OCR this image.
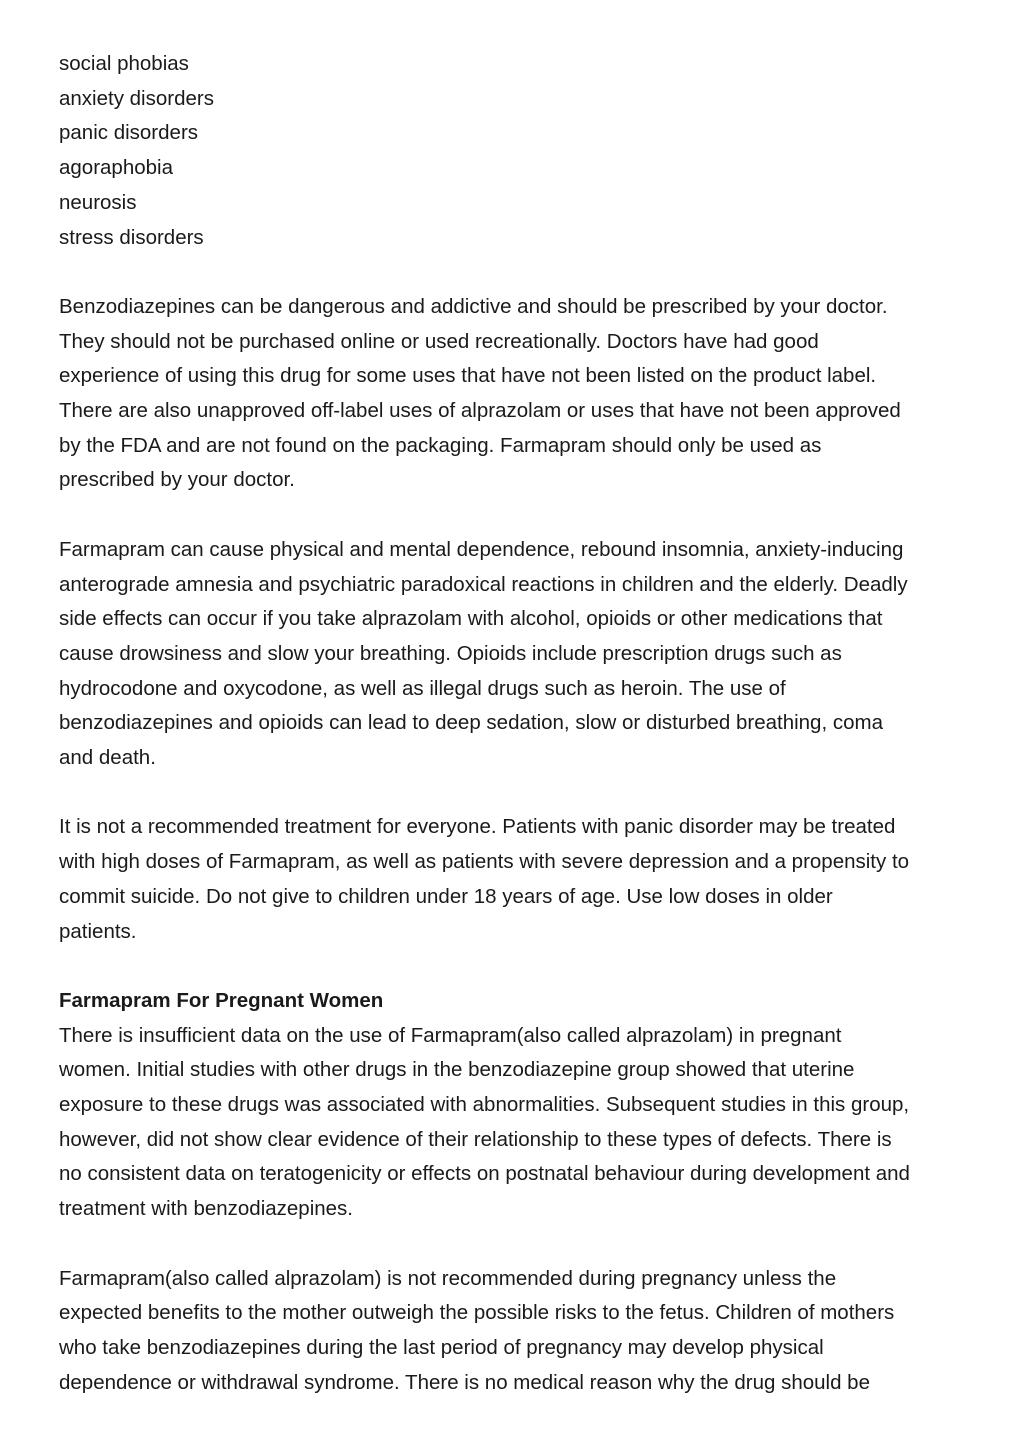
social phobias
anxiety disorders
panic disorders
agoraphobia
neurosis
stress disorders
Benzodiazepines can be dangerous and addictive and should be prescribed by your doctor.
They should not be purchased online or used recreationally. Doctors have had good
experience of using this drug for some uses that have not been listed on the product label.
There are also unapproved off-label uses of alprazolam or uses that have not been approved
by the FDA and are not found on the packaging. Farmapram should only be used as
prescribed by your doctor.
Farmapram can cause physical and mental dependence, rebound insomnia, anxiety-inducing
anterograde amnesia and psychiatric paradoxical reactions in children and the elderly. Deadly
side effects can occur if you take alprazolam with alcohol, opioids or other medications that
cause drowsiness and slow your breathing. Opioids include prescription drugs such as
hydrocodone and oxycodone, as well as illegal drugs such as heroin. The use of
benzodiazepines and opioids can lead to deep sedation, slow or disturbed breathing, coma
and death.
It is not a recommended treatment for everyone. Patients with panic disorder may be treated
with high doses of Farmapram, as well as patients with severe depression and a propensity to
commit suicide. Do not give to children under 18 years of age. Use low doses in older
patients.
Farmapram For Pregnant Women
There is insufficient data on the use of Farmapram(also called alprazolam) in pregnant
women. Initial studies with other drugs in the benzodiazepine group showed that uterine
exposure to these drugs was associated with abnormalities. Subsequent studies in this group,
however, did not show clear evidence of their relationship to these types of defects. There is
no consistent data on teratogenicity or effects on postnatal behaviour during development and
treatment with benzodiazepines.
Farmapram(also called alprazolam) is not recommended during pregnancy unless the
expected benefits to the mother outweigh the possible risks to the fetus. Children of mothers
who take benzodiazepines during the last period of pregnancy may develop physical
dependence or withdrawal syndrome. There is no medical reason why the drug should be
